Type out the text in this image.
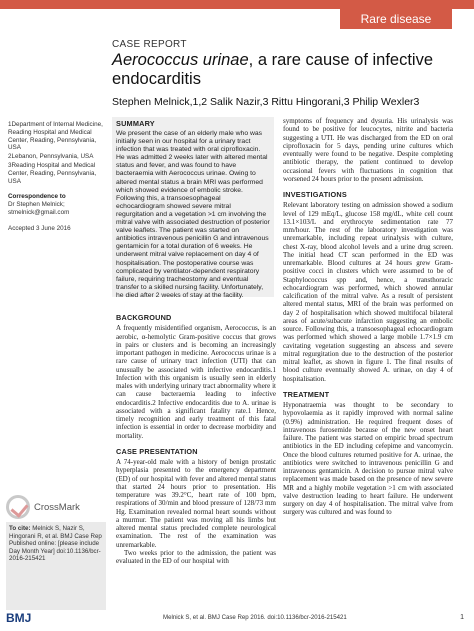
Rare disease
CASE REPORT
Aerococcus urinae, a rare cause of infective endocarditis
Stephen Melnick,1,2 Salik Nazir,3 Rittu Hingorani,3 Philip Wexler3
1Department of Internal Medicine, Reading Hospital and Medical Center, Reading, Pennsylvania, USA
2Lebanon, Pennsylvania, USA
3Reading Hospital and Medical Center, Reading, Pennsylvania, USA
Correspondence to
Dr Stephen Melnick;
stmelnick@gmail.com
Accepted 3 June 2016
CrossMark
To cite: Melnick S, Nazir S, Hingorani R, et al. BMJ Case Rep Published online: [please include Day Month Year] doi:10.1136/bcr-2016-215421
SUMMARY

We present the case of an elderly male who was initially seen in our hospital for a urinary tract infection that was treated with oral ciprofloxacin. He was admitted 2 weeks later with altered mental status and fever, and was found to have bacteraemia with Aerococcus urinae. Owing to altered mental status a brain MRI was performed which showed evidence of embolic stroke. Following this, a transoesophageal echocardiogram showed severe mitral regurgitation and a vegetation >1 cm involving the mitral valve with associated destruction of posterior valve leaflets. The patient was started on antibiotics intravenous penicillin G and intravenous gentamicin for a total duration of 6 weeks. He underwent mitral valve replacement on day 4 of hospitalisation. The postoperative course was complicated by ventilator-dependent respiratory failure, requiring tracheostomy and eventual transfer to a skilled nursing facility. Unfortunately, he died after 2 weeks of stay at the facility.

BACKGROUND

A frequently misidentified organism, Aerococcus, is an aerobic, α-hemolytic Gram-positive coccus that grows in pairs or clusters and is becoming an increasingly important pathogen in medicine. Aerococcus urinae is a rare cause of urinary tract infection (UTI) that can unusually be associated with infective endocarditis.1 Infection with this organism is usually seen in elderly males with underlying urinary tract abnormality where it can cause bacteraemia leading to infective endocarditis.2 Infective endocarditis due to A. urinae is associated with a significant fatality rate.1 Hence, timely recognition and early treatment of this fatal infection is essential in order to decrease morbidity and mortality.

CASE PRESENTATION

A 74-year-old male with a history of benign prostatic hyperplasia presented to the emergency department (ED) of our hospital with fever and altered mental status that started 24 hours prior to presentation. His temperature was 39.2°C, heart rate of 100 bpm, respirations of 30/min and blood pressure of 128/73 mm Hg. Examination revealed normal heart sounds without a murmur. The patient was moving all his limbs but altered mental status precluded complete neurological examination. The rest of the examination was unremarkable.

Two weeks prior to the admission, the patient was evaluated in the ED of our hospital with

symptoms of frequency and dysuria. His urinalysis was found to be positive for leucocytes, nitrite and bacteria suggesting a UTI. He was discharged from the ED on oral ciprofloxacin for 5 days, pending urine cultures which eventually were found to be negative. Despite completing antibiotic therapy, the patient continued to develop occasional fevers with fluctuations in cognition that worsened 24 hours prior to the present admission.

INVESTIGATIONS

Relevant laboratory testing on admission showed a sodium level of 129 mEq/L, glucose 158 mg/dL, white cell count 13.1×103/L and erythrocyte sedimentation rate 77 mm/hour. The rest of the laboratory investigation was unremarkable, including repeat urinalysis with culture, chest X-ray, blood alcohol levels and a urine drug screen. The initial head CT scan performed in the ED was unremarkable. Blood cultures at 24 hours grew Gram-positive cocci in clusters which were assumed to be of Staphylococcus spp and, hence, a transthoracic echocardiogram was performed, which showed annular calcification of the mitral valve. As a result of persistent altered mental status, MRI of the brain was performed on day 2 of hospitalisation which showed multifocal bilateral areas of acute/subacute infarction suggesting an embolic source. Following this, a transoesophageal echocardiogram was performed which showed a large mobile 1.7×1.9 cm cavitating vegetation suggesting an abscess and severe mitral regurgitation due to the destruction of the posterior mitral leaflet, as shown in figure 1. The final results of blood culture eventually showed A. urinae, on day 4 of hospitalisation.

TREATMENT

Hyponatraemia was thought to be secondary to hypovolaemia as it rapidly improved with normal saline (0.9%) administration. He required frequent doses of intravenous furosemide because of the new onset heart failure. The patient was started on empiric broad spectrum antibiotics in the ED including cefepime and vancomycin. Once the blood cultures returned positive for A. urinae, the antibiotics were switched to intravenous penicillin G and intravenous gentamicin. A decision to pursue mitral valve replacement was made based on the presence of new severe MR and a highly mobile vegetation >1 cm with associated valve destruction leading to heart failure. He underwent surgery on day 4 of hospitalisation. The mitral valve from surgery was cultured and was found to

BMJ	Melnick S, et al. BMJ Case Rep 2016. doi:10.1136/bcr-2016-215421	1
